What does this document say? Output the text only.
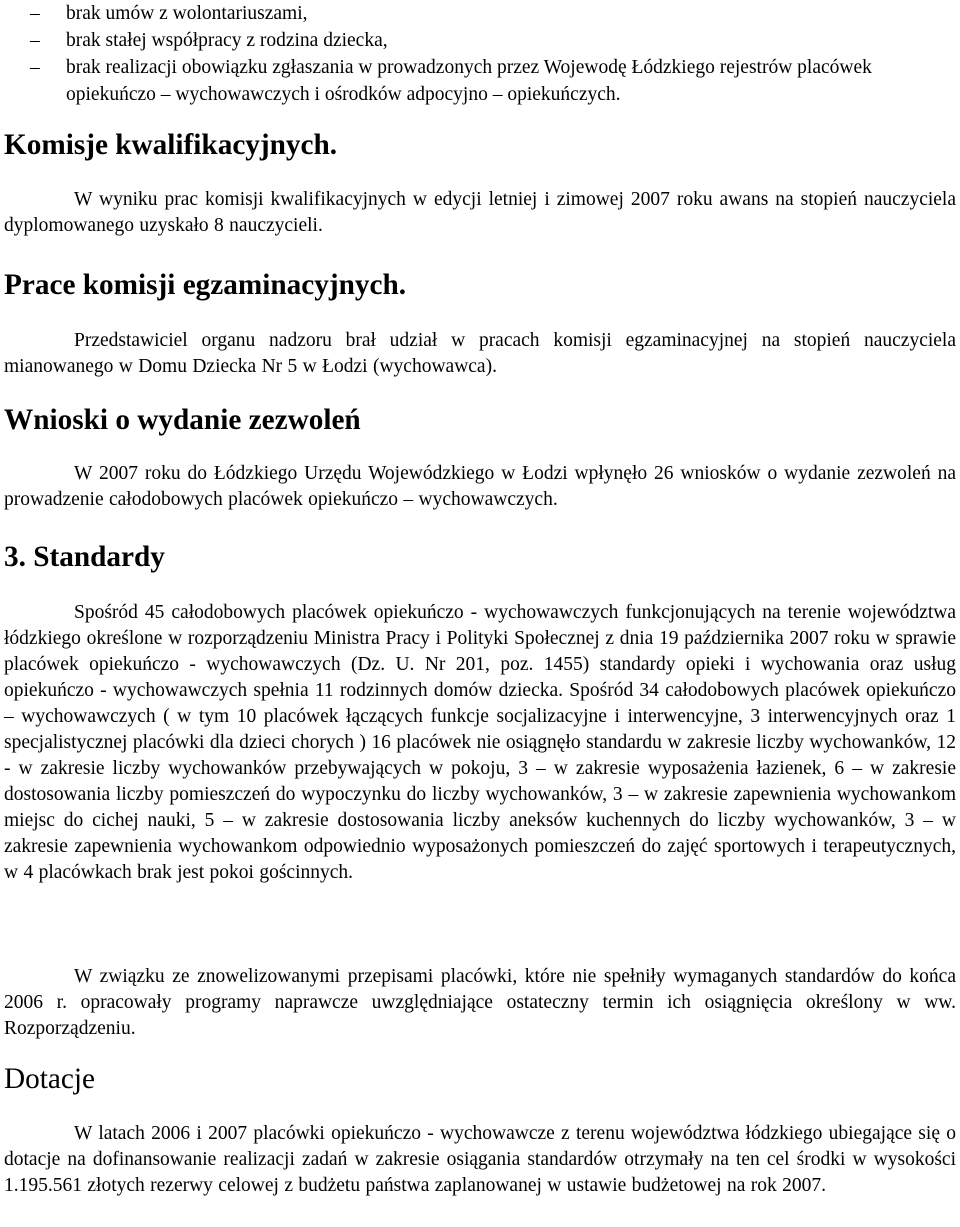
–	brak umów z wolontariuszami,
–	brak stałej współpracy z rodzina dziecka,
–	brak realizacji obowiązku zgłaszania w prowadzonych przez Wojewodę Łódzkiego rejestrów placówek opiekuńczo – wychowawczych i ośrodków adpocyjno – opiekuńczych.
Komisje kwalifikacyjnych.

W wyniku prac komisji kwalifikacyjnych w edycji letniej i zimowej 2007 roku awans na stopień nauczyciela dyplomowanego uzyskało 8 nauczycieli.

Prace komisji egzaminacyjnych.

Przedstawiciel organu nadzoru brał udział w pracach komisji egzaminacyjnej na stopień nauczyciela mianowanego w Domu Dziecka Nr 5 w Łodzi (wychowawca).

Wnioski o wydanie zezwoleń

W 2007 roku do Łódzkiego Urzędu Wojewódzkiego w Łodzi wpłynęło 26 wniosków o wydanie zezwoleń na prowadzenie całodobowych placówek opiekuńczo – wychowawczych.

3. Standardy

Spośród 45 całodobowych placówek opiekuńczo - wychowawczych funkcjonujących na terenie województwa łódzkiego określone w rozporządzeniu Ministra Pracy i Polityki Społecznej z dnia 19 października 2007 roku w sprawie placówek opiekuńczo - wychowawczych (Dz. U. Nr 201, poz. 1455) standardy opieki i wychowania oraz usług opiekuńczo - wychowawczych spełnia 11 rodzinnych domów dziecka. Spośród 34 całodobowych placówek opiekuńczo – wychowawczych ( w tym 10 placówek łączących funkcje socjalizacyjne i interwencyjne, 3 interwencyjnych oraz 1 specjalistycznej placówki dla dzieci chorych ) 16 placówek nie osiągnęło standardu w zakresie liczby wychowanków, 12 - w zakresie liczby wychowanków przebywających w pokoju, 3 – w zakresie wyposażenia łazienek, 6 – w zakresie dostosowania liczby pomieszczeń do wypoczynku do liczby wychowanków, 3 – w zakresie zapewnienia wychowankom miejsc do cichej nauki, 5 – w zakresie dostosowania liczby aneksów kuchennych do liczby wychowanków, 3 – w zakresie zapewnienia wychowankom odpowiednio wyposażonych pomieszczeń do zajęć sportowych i terapeutycznych, w 4 placówkach brak jest pokoi gościnnych.

W związku ze znowelizowanymi przepisami placówki, które nie spełniły wymaganych standardów do końca 2006 r. opracowały programy naprawcze uwzględniające ostateczny termin ich osiągnięcia określony w ww. Rozporządzeniu.

Dotacje

W latach 2006 i 2007 placówki opiekuńczo - wychowawcze z terenu województwa łódzkiego ubiegające się o dotacje na dofinansowanie realizacji zadań w zakresie osiągania standardów otrzymały na ten cel środki w wysokości 1.195.561 złotych rezerwy celowej z budżetu państwa zaplanowanej w ustawie budżetowej na rok 2007.
